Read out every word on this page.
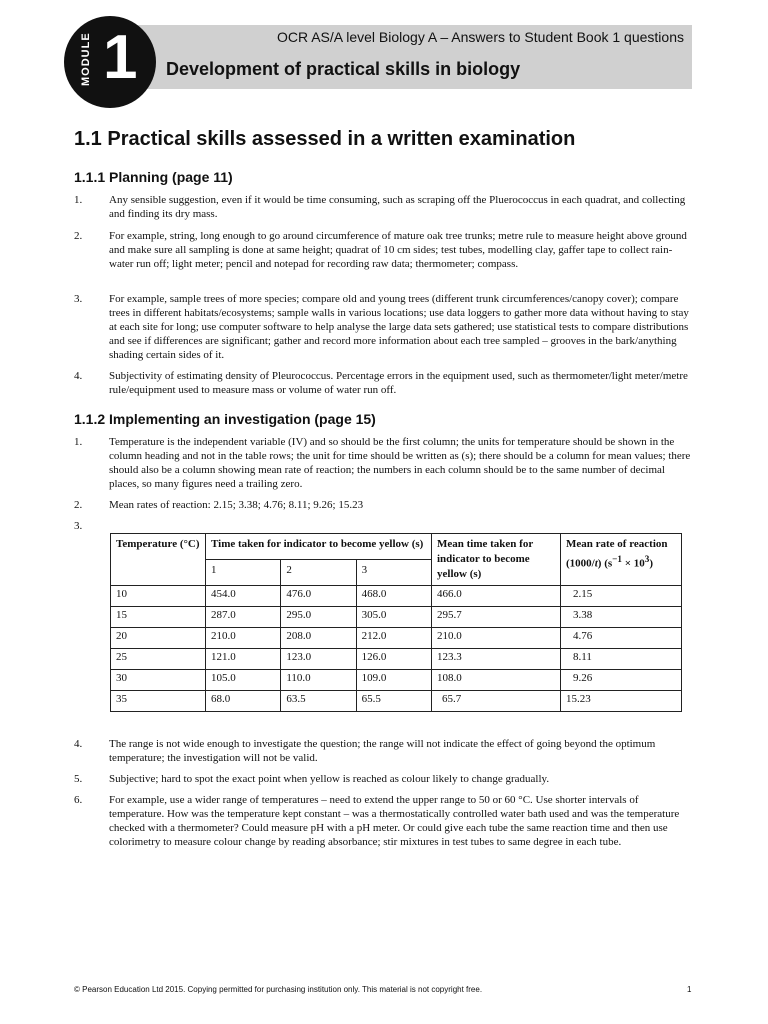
OCR AS/A level Biology A – Answers to Student Book 1 questions
Development of practical skills in biology
MODULE 1
1.1 Practical skills assessed in a written examination
1.1.1 Planning (page 11)
1. Any sensible suggestion, even if it would be time consuming, such as scraping off the Pluerococcus in each quadrat, and collecting and finding its dry mass.
2. For example, string, long enough to go around circumference of mature oak tree trunks; metre rule to measure height above ground and make sure all sampling is done at same height; quadrat of 10 cm sides; test tubes, modelling clay, gaffer tape to collect rain-water run off; light meter; pencil and notepad for recording raw data; thermometer; compass.
3. For example, sample trees of more species; compare old and young trees (different trunk circumferences/canopy cover); compare trees in different habitats/ecosystems; sample walls in various locations; use data loggers to gather more data without having to stay at each site for long; use computer software to help analyse the large data sets gathered; use statistical tests to compare distributions and see if differences are significant; gather and record more information about each tree sampled – grooves in the bark/anything shading certain sides of it.
4. Subjectivity of estimating density of Pleurococcus. Percentage errors in the equipment used, such as thermometer/light meter/metre rule/equipment used to measure mass or volume of water run off.
1.1.2 Implementing an investigation (page 15)
1. Temperature is the independent variable (IV) and so should be the first column; the units for temperature should be shown in the column heading and not in the table rows; the unit for time should be written as (s); there should be a column for mean values; there should also be a column showing mean rate of reaction; the numbers in each column should be to the same number of decimal places, so many figures need a trailing zero.
2. Mean rates of reaction: 2.15; 3.38; 4.76; 8.11; 9.26; 15.23
3.
Temperature (°C)	Time taken for indicator to become yellow (s)			Mean time taken for indicator to become yellow (s)	Mean rate of reaction (1000/t) $(s^{-1} \times 10^3)$
	1	2	3		
10	454.0	476.0	468.0	466.0	2.15
15	287.0	295.0	305.0	295.7	3.38
20	210.0	208.0	212.0	210.0	4.76
25	121.0	123.0	126.0	123.3	8.11
30	105.0	110.0	109.0	108.0	9.26
35	68.0	63.5	65.5	65.7	15.23
4. The range is not wide enough to investigate the question; the range will not indicate the effect of going beyond the optimum temperature; the investigation will not be valid.
5. Subjective; hard to spot the exact point when yellow is reached as colour likely to change gradually.
6. For example, use a wider range of temperatures – need to extend the upper range to 50 or 60 °C. Use shorter intervals of temperature. How was the temperature kept constant – was a thermostatically controlled water bath used and was the temperature checked with a thermometer? Could measure pH with a pH meter. Or could give each tube the same reaction time and then use colorimetry to measure colour change by reading absorbance; stir mixtures in test tubes to same degree in each tube.
© Pearson Education Ltd 2015. Copying permitted for purchasing institution only. This material is not copyright free.	1
